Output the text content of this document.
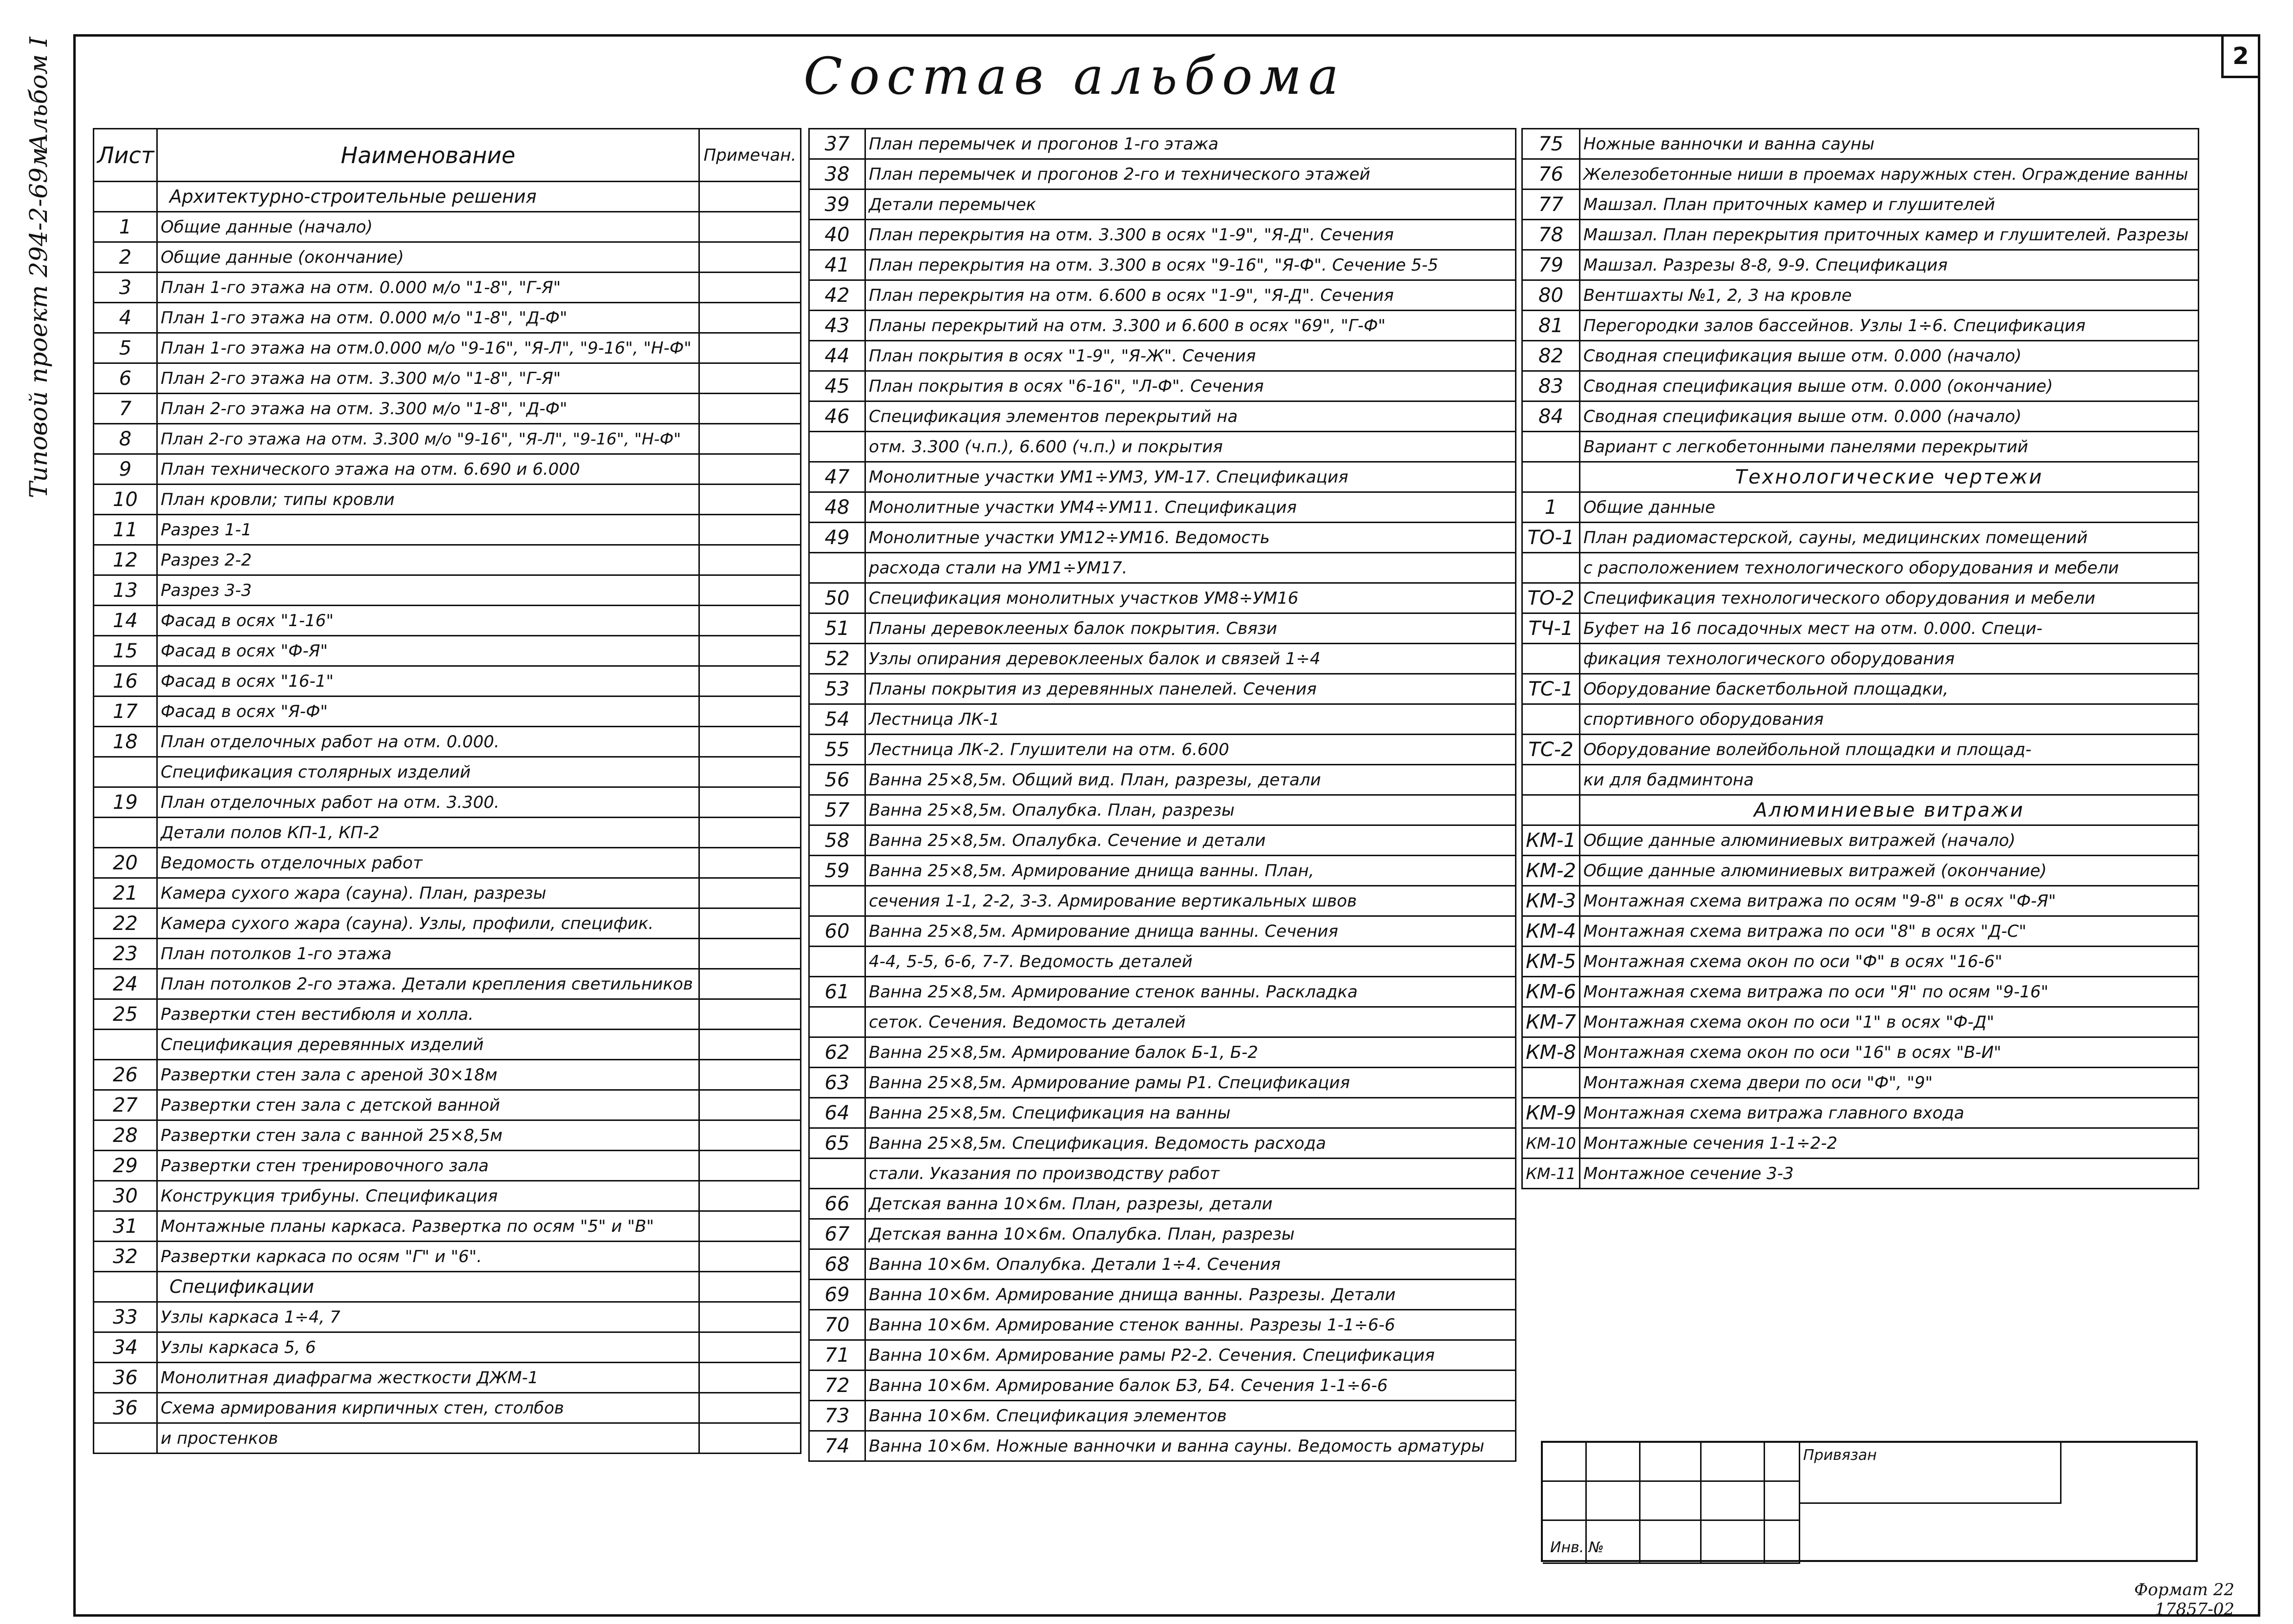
2
Типовой проект 294-2-69м
Альбом I	Состав альбома
Лист	Наименование	Примечан.
	Архитектурно-строительные решения	
1	Общие данные (начало)	
2	Общие данные (окончание)	
3	План 1-го этажа на отм. 0.000 м/о "1-8", "Г-Я"	
4	План 1-го этажа на отм. 0.000 м/о "1-8", "Д-Ф"	
5	План 1-го этажа на отм.0.000 м/о "9-16", "Я-Л", "9-16", "Н-Ф"	
6	План 2-го этажа на отм. 3.300 м/о "1-8", "Г-Я"	
7	План 2-го этажа на отм. 3.300 м/о "1-8", "Д-Ф"	
8	План 2-го этажа на отм. 3.300 м/о "9-16", "Я-Л", "9-16", "Н-Ф"	
9	План технического этажа на отм. 6.690 и 6.000	
10	План кровли; типы кровли	
11	Разрез 1-1	
12	Разрез 2-2	
13	Разрез 3-3	
14	Фасад в осях "1-16"	
15	Фасад в осях "Ф-Я"	
16	Фасад в осях "16-1"	
17	Фасад в осях "Я-Ф"	
18	План отделочных работ на отм. 0.000.	
	Спецификация столярных изделий	
19	План отделочных работ на отм. 3.300.	
	Детали полов КП-1, КП-2	
20	Ведомость отделочных работ	
21	Камера сухого жара (сауна). План, разрезы	
22	Камера сухого жара (сауна). Узлы, профили, специфик.	
23	План потолков 1-го этажа	
24	План потолков 2-го этажа. Детали крепления светильников	
25	Развертки стен вестибюля и холла.	
	Спецификация деревянных изделий	
26	Развертки стен зала с ареной 30×18м	
27	Развертки стен зала с детской ванной	
28	Развертки стен зала с ванной 25×8,5м	
29	Развертки стен тренировочного зала	
30	Конструкция трибуны. Спецификация	
31	Монтажные планы каркаса. Развертка по осям "5" и "В"	
32	Развертки каркаса по осям "Г" и "6".	
	Спецификации	
33	Узлы каркаса 1÷4, 7	
34	Узлы каркаса 5, 6	
36	Монолитная диафрагма жесткости ДЖМ-1	
36	Схема армирования кирпичных стен, столбов	
	и простенков	
37	План перемычек и прогонов 1-го этажа
38	План перемычек и прогонов 2-го и технического этажей
39	Детали перемычек
40	План перекрытия на отм. 3.300 в осях "1-9", "Я-Д". Сечения
41	План перекрытия на отм. 3.300 в осях "9-16", "Я-Ф". Сечение 5-5
42	План перекрытия на отм. 6.600 в осях "1-9", "Я-Д". Сечения
43	Планы перекрытий на отм. 3.300 и 6.600 в осях "69", "Г-Ф"
44	План покрытия в осях "1-9", "Я-Ж". Сечения
45	План покрытия в осях "6-16", "Л-Ф". Сечения
46	Спецификация элементов перекрытий на
	отм. 3.300 (ч.п.), 6.600 (ч.п.) и покрытия
47	Монолитные участки УМ1÷УМ3, УМ-17. Спецификация
48	Монолитные участки УМ4÷УМ11. Спецификация
49	Монолитные участки УМ12÷УМ16. Ведомость
	расхода стали на УМ1÷УМ17.
50	Спецификация монолитных участков УМ8÷УМ16
51	Планы деревоклееных балок покрытия. Связи
52	Узлы опирания деревоклееных балок и связей 1÷4
53	Планы покрытия из деревянных панелей. Сечения
54	Лестница ЛК-1
55	Лестница ЛК-2. Глушители на отм. 6.600
56	Ванна 25×8,5м. Общий вид. План, разрезы, детали
57	Ванна 25×8,5м. Опалубка. План, разрезы
58	Ванна 25×8,5м. Опалубка. Сечение и детали
59	Ванна 25×8,5м. Армирование днища ванны. План,
	сечения 1-1, 2-2, 3-3. Армирование вертикальных швов
60	Ванна 25×8,5м. Армирование днища ванны. Сечения
	4-4, 5-5, 6-6, 7-7. Ведомость деталей
61	Ванна 25×8,5м. Армирование стенок ванны. Раскладка
	сеток. Сечения. Ведомость деталей
62	Ванна 25×8,5м. Армирование балок Б-1, Б-2
63	Ванна 25×8,5м. Армирование рамы Р1. Спецификация
64	Ванна 25×8,5м. Спецификация на ванны
65	Ванна 25×8,5м. Спецификация. Ведомость расхода
	стали. Указания по производству работ
66	Детская ванна 10×6м. План, разрезы, детали
67	Детская ванна 10×6м. Опалубка. План, разрезы
68	Ванна 10×6м. Опалубка. Детали 1÷4. Сечения
69	Ванна 10×6м. Армирование днища ванны. Разрезы. Детали
70	Ванна 10×6м. Армирование стенок ванны. Разрезы 1-1÷6-6
71	Ванна 10×6м. Армирование рамы Р2-2. Сечения. Спецификация
72	Ванна 10×6м. Армирование балок Б3, Б4. Сечения 1-1÷6-6
73	Ванна 10×6м. Спецификация элементов
74	Ванна 10×6м. Ножные ванночки и ванна сауны. Ведомость арматуры
75	Ножные ванночки и ванна сауны
76	Железобетонные ниши в проемах наружных стен. Ограждение ванны
77	Машзал. План приточных камер и глушителей
78	Машзал. План перекрытия приточных камер и глушителей. Разрезы
79	Машзал. Разрезы 8-8, 9-9. Спецификация
80	Вентшахты №1, 2, 3 на кровле
81	Перегородки залов бассейнов. Узлы 1÷6. Спецификация
82	Сводная спецификация выше отм. 0.000 (начало)
83	Сводная спецификация выше отм. 0.000 (окончание)
84	Сводная спецификация выше отм. 0.000 (начало)
	Вариант с легкобетонными панелями перекрытий
	Технологические чертежи
1	Общие данные
ТО-1	План радиомастерской, сауны, медицинских помещений
	с расположением технологического оборудования и мебели
ТО-2	Спецификация технологического оборудования и мебели
ТЧ-1	Буфет на 16 посадочных мест на отм. 0.000. Специ-
	фикация технологического оборудования
ТС-1	Оборудование баскетбольной площадки,
	спортивного оборудования
ТС-2	Оборудование волейбольной площадки и площад-
	ки для бадминтона
	Алюминиевые витражи
КМ-1	Общие данные алюминиевых витражей (начало)
КМ-2	Общие данные алюминиевых витражей (окончание)
КМ-3	Монтажная схема витража по осям "9-8" в осях "Ф-Я"
КМ-4	Монтажная схема витража по оси "8" в осях "Д-С"
КМ-5	Монтажная схема окон по оси "Ф" в осях "16-6"
КМ-6	Монтажная схема витража по оси "Я" по осям "9-16"
КМ-7	Монтажная схема окон по оси "1" в осях "Ф-Д"
КМ-8	Монтажная схема окон по оси "16" в осях "В-И"
	Монтажная схема двери по оси "Ф", "9"
КМ-9	Монтажная схема витража главного входа
КМ-10	Монтажные сечения 1-1÷2-2
КМ-11	Монтажное сечение 3-3
Привязан
Инв. №
Формат 22
17857-02
